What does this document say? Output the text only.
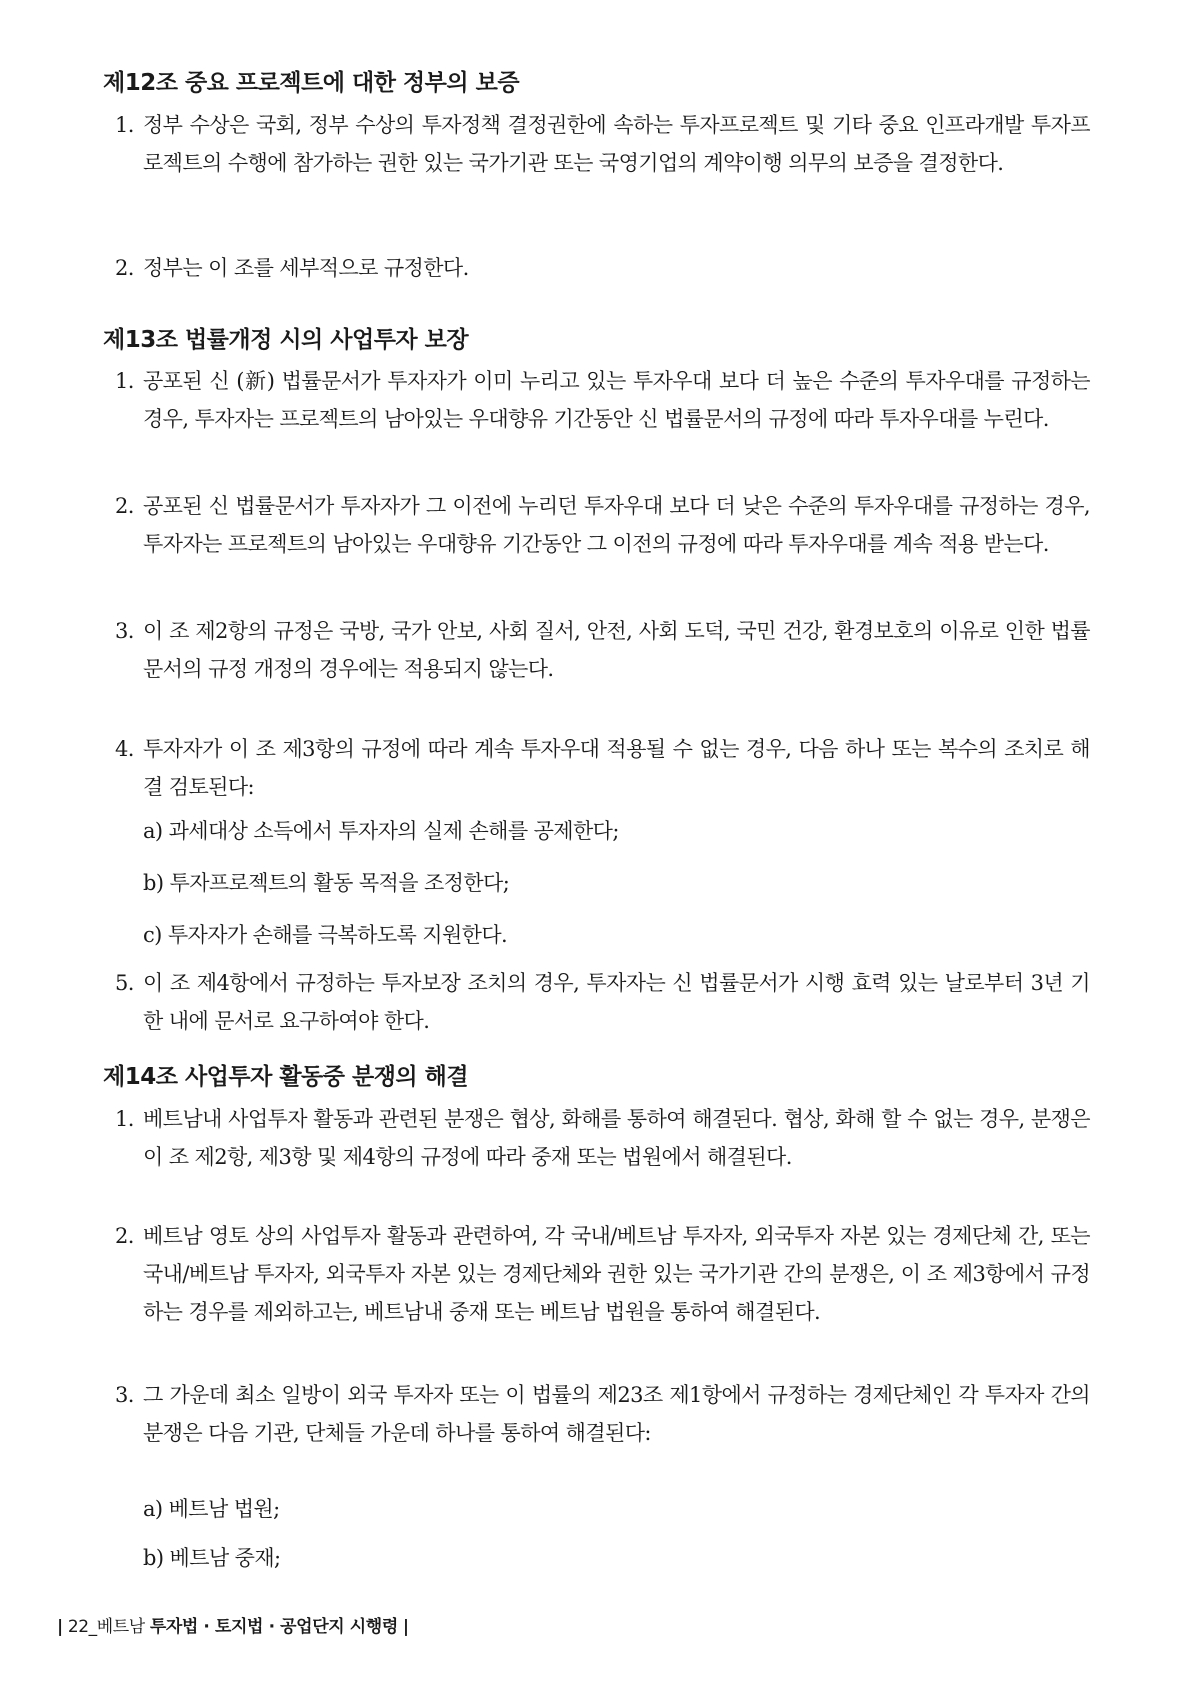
제12조 중요 프로젝트에 대한 정부의 보증
1. 정부 수상은 국회, 정부 수상의 투자정책 결정권한에 속하는 투자프로젝트 및 기타 중요 인프라개발 투자프로젝트의 수행에 참가하는 권한 있는 국가기관 또는 국영기업의 계약이행 의무의 보증을 결정한다.
2. 정부는 이 조를 세부적으로 규정한다.
제13조 법률개정 시의 사업투자 보장
1. 공포된 신 (新) 법률문서가 투자자가 이미 누리고 있는 투자우대 보다 더 높은 수준의 투자우대를 규정하는 경우, 투자자는 프로젝트의 남아있는 우대향유 기간동안 신 법률문서의 규정에 따라 투자우대를 누린다.
2. 공포된 신 법률문서가 투자자가 그 이전에 누리던 투자우대 보다 더 낮은 수준의 투자우대를 규정하는 경우, 투자자는 프로젝트의 남아있는 우대향유 기간동안 그 이전의 규정에 따라 투자우대를 계속 적용 받는다.
3. 이 조 제2항의 규정은 국방, 국가 안보, 사회 질서, 안전, 사회 도덕, 국민 건강, 환경보호의 이유로 인한 법률문서의 규정 개정의 경우에는 적용되지 않는다.
4. 투자자가 이 조 제3항의 규정에 따라 계속 투자우대 적용될 수 없는 경우, 다음 하나 또는 복수의 조치로 해결 검토된다:
a) 과세대상 소득에서 투자자의 실제 손해를 공제한다;
b) 투자프로젝트의 활동 목적을 조정한다;
c) 투자자가 손해를 극복하도록 지원한다.
5. 이 조 제4항에서 규정하는 투자보장 조치의 경우, 투자자는 신 법률문서가 시행 효력 있는 날로부터 3년 기한 내에 문서로 요구하여야 한다.
제14조 사업투자 활동중 분쟁의 해결
1. 베트남내 사업투자 활동과 관련된 분쟁은 협상, 화해를 통하여 해결된다. 협상, 화해 할 수 없는 경우, 분쟁은 이 조 제2항, 제3항 및 제4항의 규정에 따라 중재 또는 법원에서 해결된다.
2. 베트남 영토 상의 사업투자 활동과 관련하여, 각 국내/베트남 투자자, 외국투자 자본 있는 경제단체 간, 또는 국내/베트남 투자자, 외국투자 자본 있는 경제단체와 권한 있는 국가기관 간의 분쟁은, 이 조 제3항에서 규정하는 경우를 제외하고는, 베트남내 중재 또는 베트남 법원을 통하여 해결된다.
3. 그 가운데 최소 일방이 외국 투자자 또는 이 법률의 제23조 제1항에서 규정하는 경제단체인 각 투자자 간의 분쟁은 다음 기관, 단체들 가운데 하나를 통하여 해결된다:
a) 베트남 법원;
b) 베트남 중재;
| 22_베트남 투자법 · 토지법 · 공업단지 시행령 |
